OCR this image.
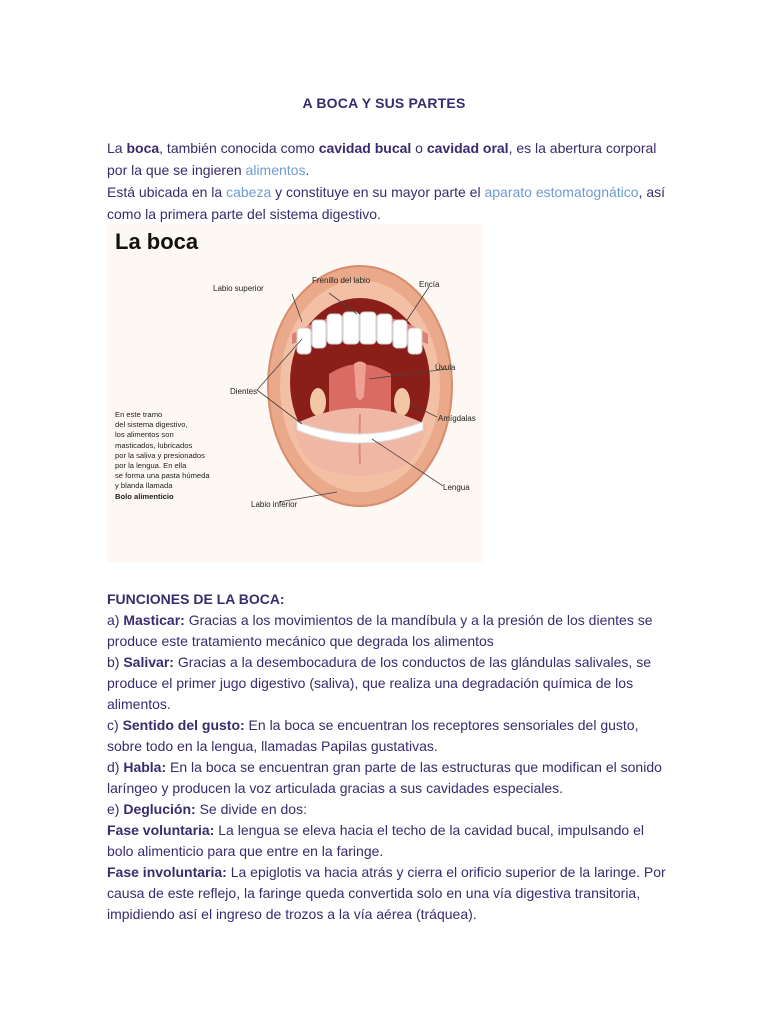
A BOCA Y SUS PARTES
La boca, también conocida como cavidad bucal o cavidad oral, es la abertura corporal por la que se ingieren alimentos.
Está ubicada en la cabeza y constituye en su mayor parte el aparato estomatognático, así como la primera parte del sistema digestivo.
La boca
Frenillo del labio
Labio superior	Encía
Úvula
Dientes
Amígdalas
Lengua
Labio inferior
En este tramo
del sistema digestivo,
los alimentos son
masticados, lubricados
por la saliva y presionados
por la lengua. En ella
se forma una pasta húmeda
y blanda llamada
Bolo alimenticio
FUNCIONES DE LA BOCA:
a) Masticar: Gracias a los movimientos de la mandíbula y a la presión de los dientes se produce este tratamiento mecánico que degrada los alimentos
b) Salivar: Gracias a la desembocadura de los conductos de las glándulas salivales, se produce el primer jugo digestivo (saliva), que realiza una degradación química de los alimentos.
c) Sentido del gusto: En la boca se encuentran los receptores sensoriales del gusto, sobre todo en la lengua, llamadas Papilas gustativas.
d) Habla: En la boca se encuentran gran parte de las estructuras que modifican el sonido laríngeo y producen la voz articulada gracias a sus cavidades especiales.
e) Deglución: Se divide en dos:
Fase voluntaria: La lengua se eleva hacia el techo de la cavidad bucal, impulsando el bolo alimenticio para que entre en la faringe.
Fase involuntaria: La epiglotis va hacia atrás y cierra el orificio superior de la laringe. Por causa de este reflejo, la faringe queda convertida solo en una vía digestiva transitoria, impidiendo así el ingreso de trozos a la vía aérea (tráquea).
